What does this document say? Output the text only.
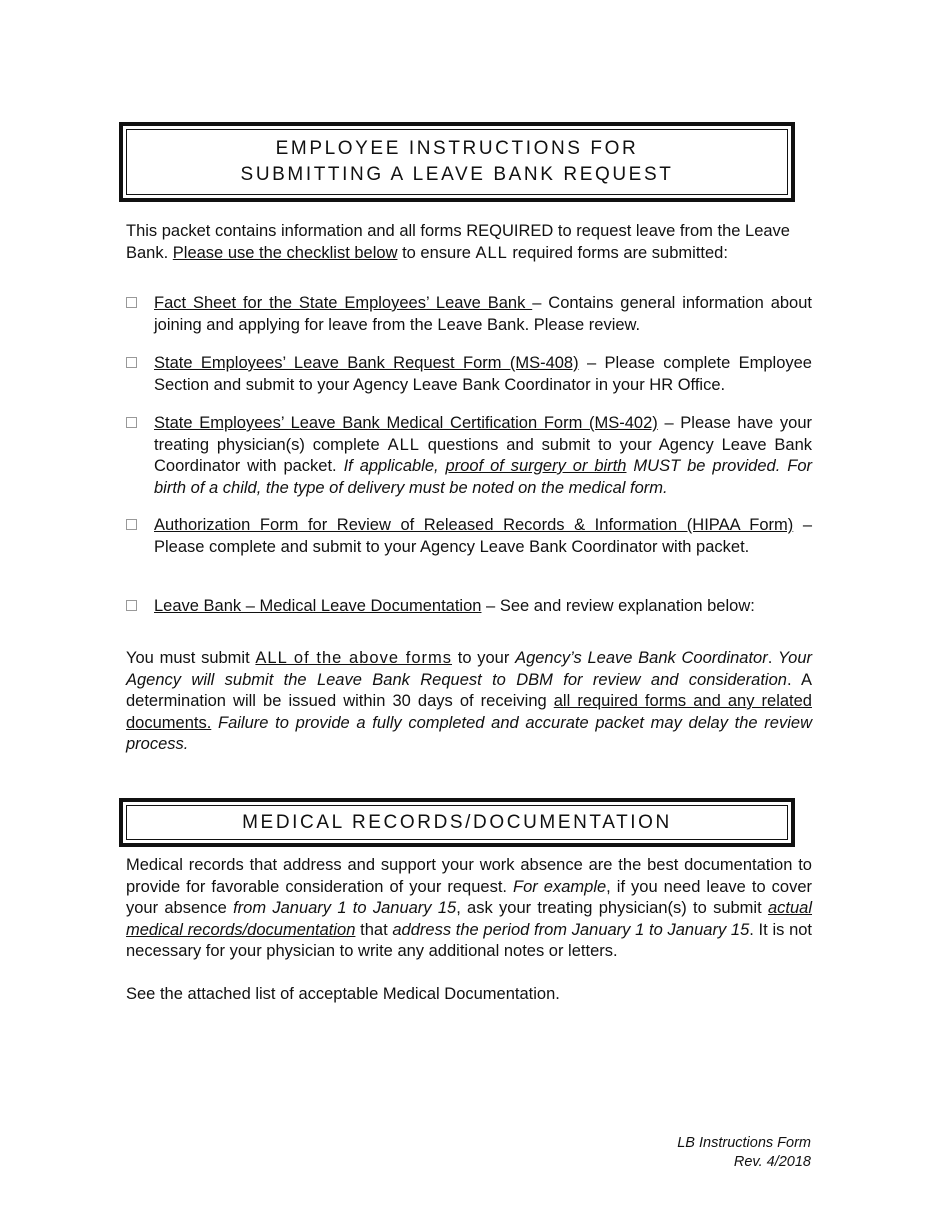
EMPLOYEE INSTRUCTIONS FOR
SUBMITTING A LEAVE BANK REQUEST

This packet contains information and all forms REQUIRED to request leave from the Leave Bank. Please use the checklist below to ensure ALL required forms are submitted:

Fact Sheet for the State Employees’ Leave Bank – Contains general information about joining and applying for leave from the Leave Bank. Please review.
State Employees’ Leave Bank Request Form (MS-408) – Please complete Employee Section and submit to your Agency Leave Bank Coordinator in your HR Office.
State Employees’ Leave Bank Medical Certification Form (MS-402) – Please have your treating physician(s) complete ALL questions and submit to your Agency Leave Bank Coordinator with packet. If applicable, proof of surgery or birth MUST be provided. For birth of a child, the type of delivery must be noted on the medical form.
Authorization Form for Review of Released Records & Information (HIPAA Form) – Please complete and submit to your Agency Leave Bank Coordinator with packet.
Leave Bank – Medical Leave Documentation – See and review explanation below:

You must submit ALL of the above forms to your Agency’s Leave Bank Coordinator. Your Agency will submit the Leave Bank Request to DBM for review and consideration. A determination will be issued within 30 days of receiving all required forms and any related documents. Failure to provide a fully completed and accurate packet may delay the review process.

MEDICAL RECORDS/DOCUMENTATION

Medical records that address and support your work absence are the best documentation to provide for favorable consideration of your request. For example, if you need leave to cover your absence from January 1 to January 15, ask your treating physician(s) to submit actual medical records/documentation that address the period from January 1 to January 15. It is not necessary for your physician to write any additional notes or letters.

See the attached list of acceptable Medical Documentation.

LB Instructions Form
Rev. 4/2018
